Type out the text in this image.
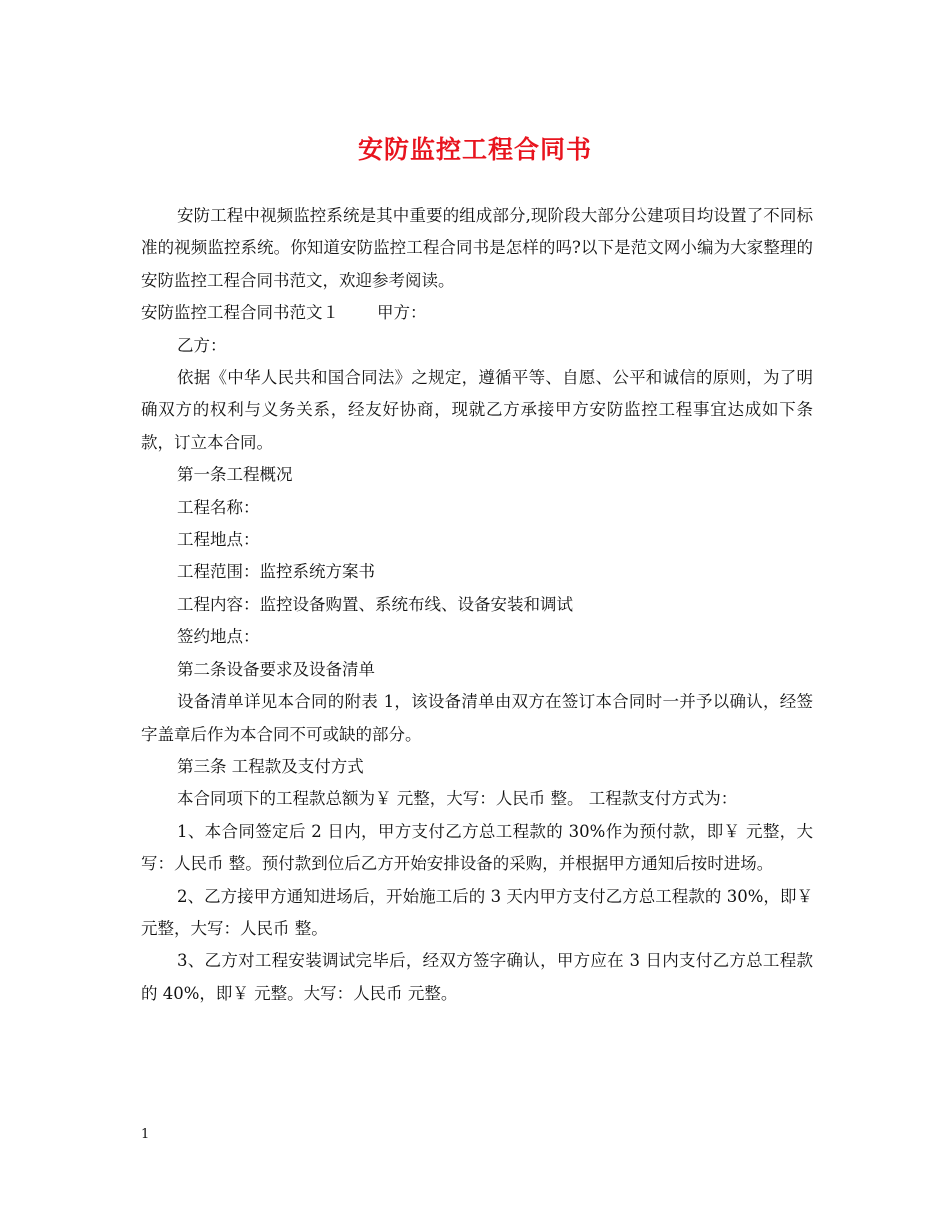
安防监控工程合同书

安防工程中视频监控系统是其中重要的组成部分,现阶段大部分公建项目均设置了不同标准的视频监控系统。你知道安防监控工程合同书是怎样的吗?以下是范文网小编为大家整理的安防监控工程合同书范文，欢迎参考阅读。

安防监控工程合同书范文１ 甲方：

乙方：

依据《中华人民共和国合同法》之规定，遵循平等、自愿、公平和诚信的原则，为了明确双方的权利与义务关系，经友好协商，现就乙方承接甲方安防监控工程事宜达成如下条款，订立本合同。

第一条工程概况

工程名称：

工程地点：

工程范围：监控系统方案书

工程内容：监控设备购置、系统布线、设备安装和调试

签约地点：

第二条设备要求及设备清单

设备清单详见本合同的附表 1，该设备清单由双方在签订本合同时一并予以确认，经签字盖章后作为本合同不可或缺的部分。

第三条 工程款及支付方式

本合同项下的工程款总额为￥ 元整，大写：人民币 整。 工程款支付方式为：

1、本合同签定后 2 日内，甲方支付乙方总工程款的 30%作为预付款，即￥ 元整，大写：人民币 整。预付款到位后乙方开始安排设备的采购，并根据甲方通知后按时进场。

2、乙方接甲方通知进场后，开始施工后的 3 天内甲方支付乙方总工程款的 30%，即￥ 元整，大写：人民币 整。

3、乙方对工程安装调试完毕后，经双方签字确认，甲方应在 3 日内支付乙方总工程款的 40%，即￥ 元整。大写：人民币 元整。

1
